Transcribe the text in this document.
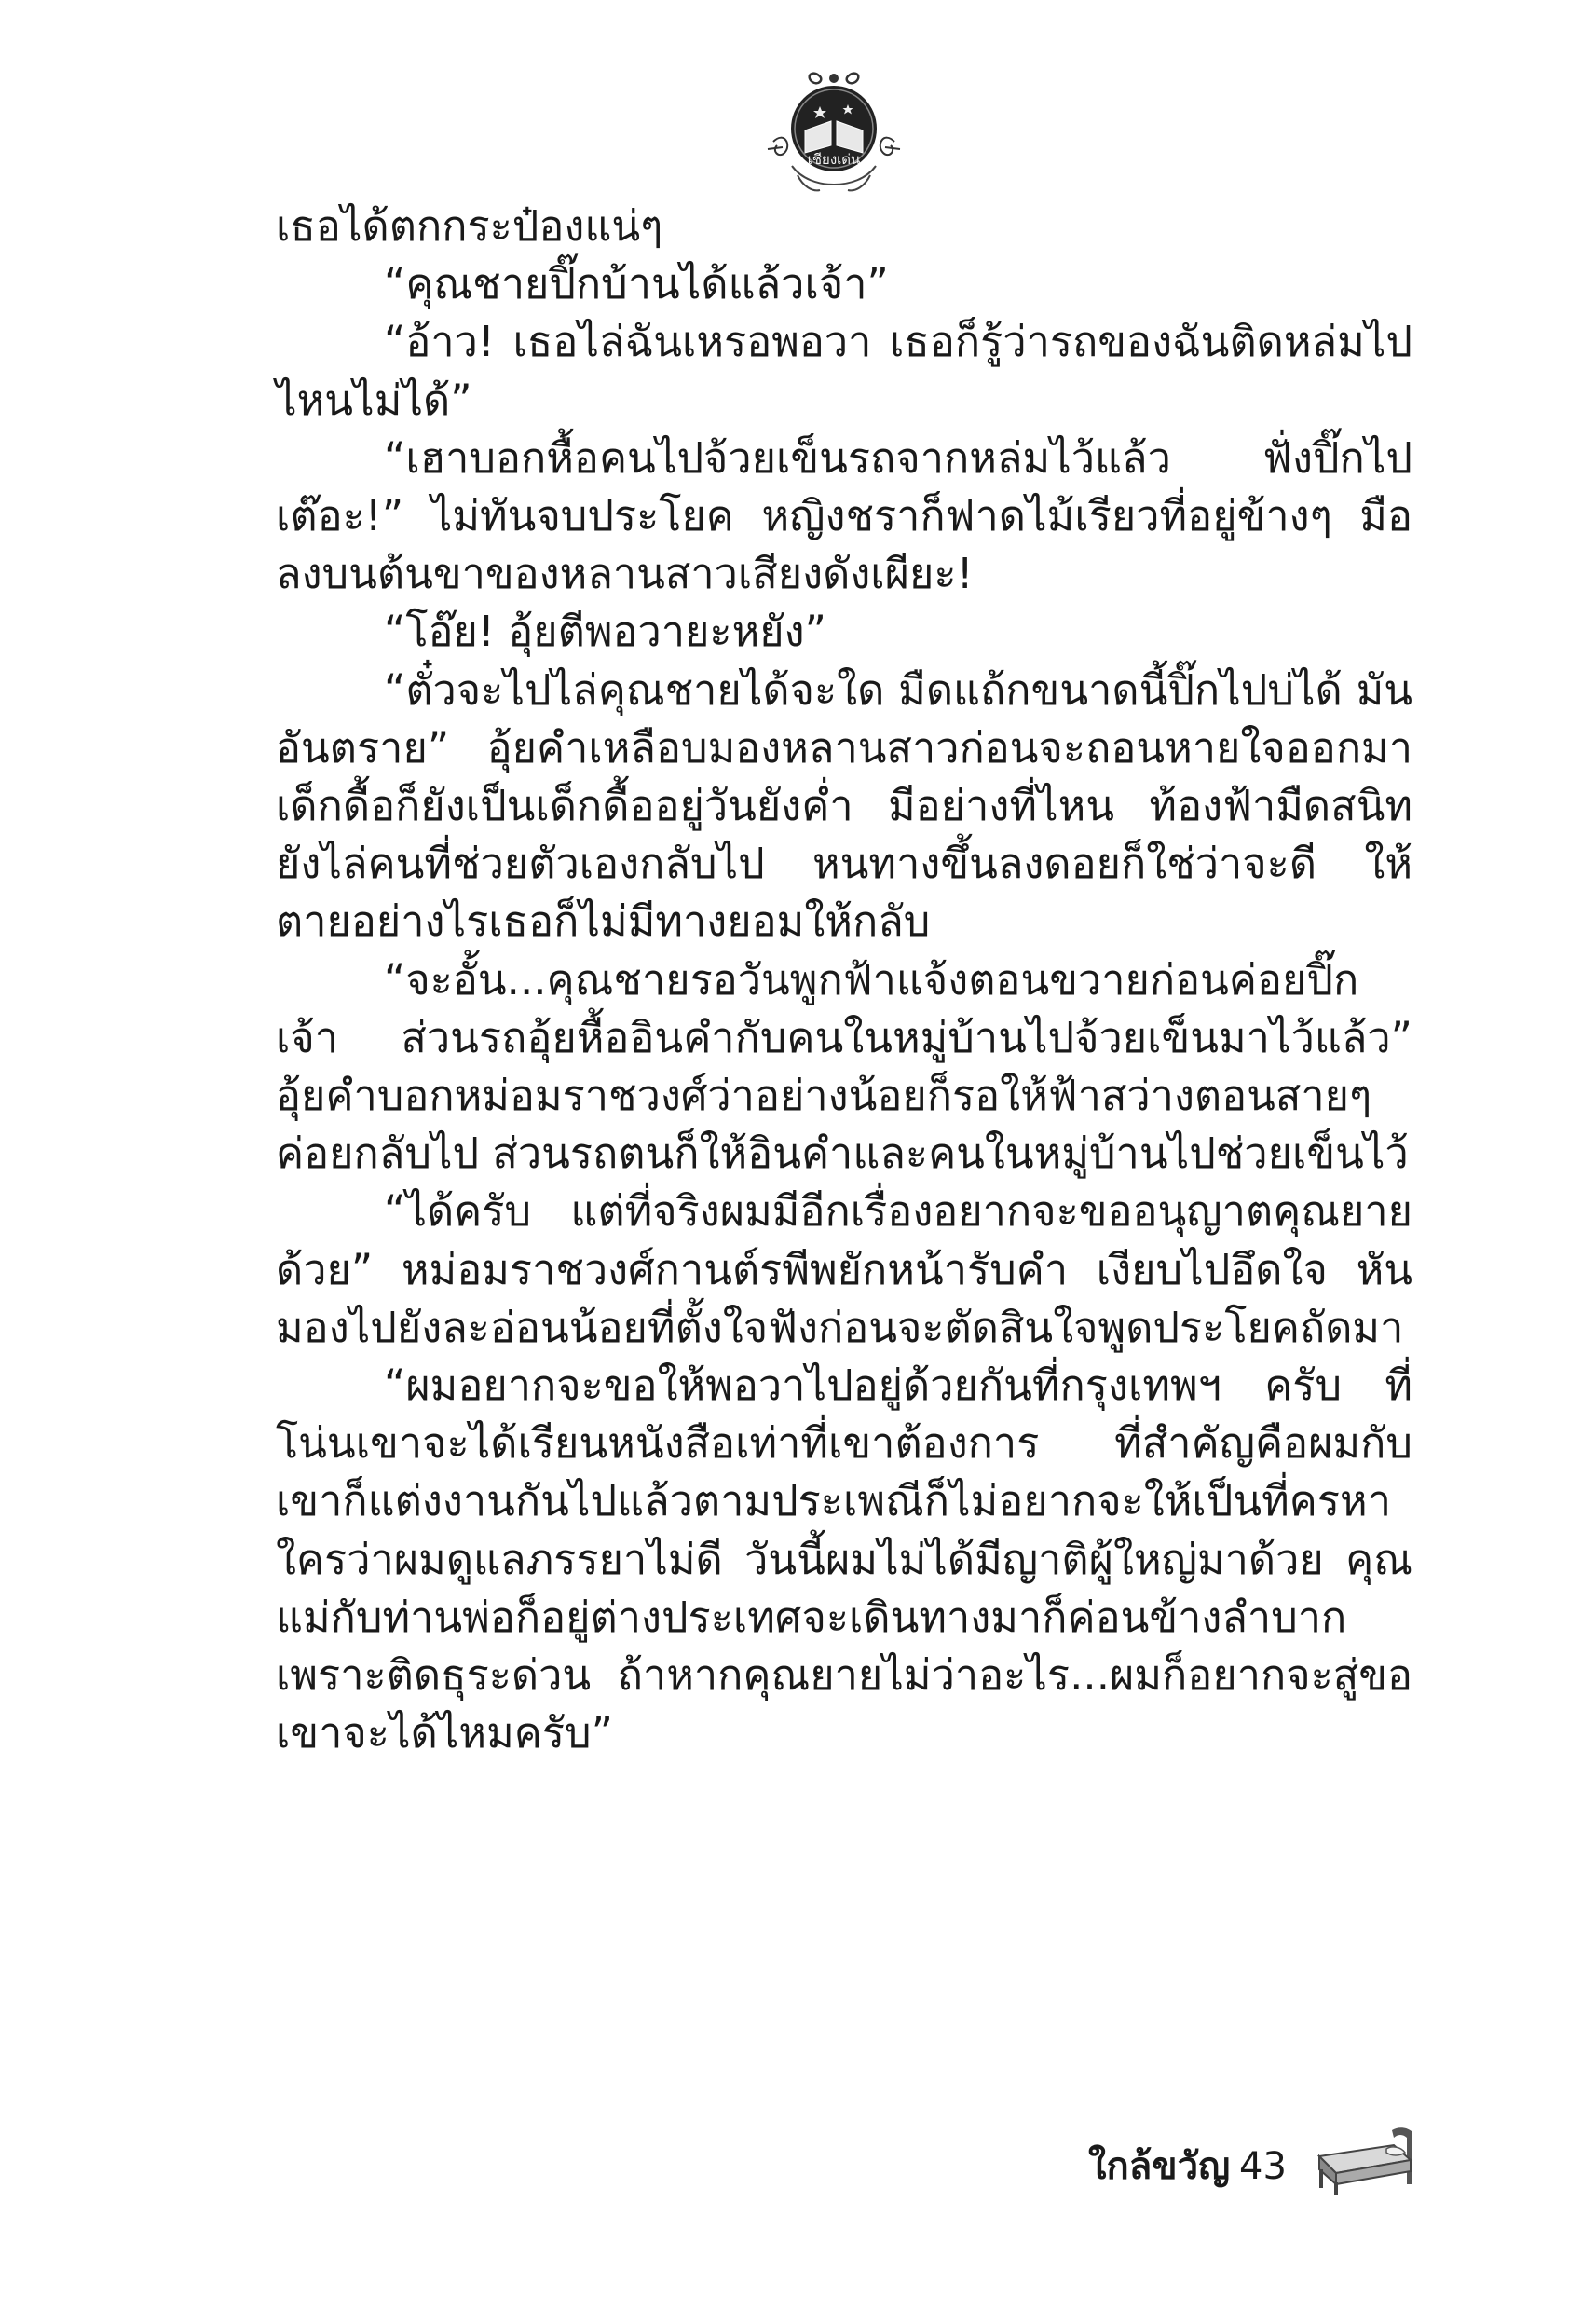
เชียงเด่น

เธอได้ตกกระป๋องแน่ๆ

“คุณชายปิ๊กบ้านได้แล้วเจ้า”

“อ้าว! เธอไล่ฉันเหรอพอวา เธอก็รู้ว่ารถของฉันติดหล่มไปไหนไม่ได้”

“เฮาบอกหื้อคนไปจ้วยเข็นรถจากหล่มไว้แล้ว ฟั่งปิ๊กไปเต๊อะ!” ไม่ทันจบประโยค หญิงชราก็ฟาดไม้เรียวที่อยู่ข้างๆ มือลงบนต้นขาของหลานสาวเสียงดังเผียะ!

“โอ๊ย! อุ้ยตีพอวายะหยัง”

“ตั๋วจะไปไล่คุณชายได้จะใด มืดแถ้กขนาดนี้ปิ๊กไปบ่ได้ มันอันตราย” อุ้ยคำเหลือบมองหลานสาวก่อนจะถอนหายใจออกมา เด็กดื้อก็ยังเป็นเด็กดื้ออยู่วันยังค่ำ มีอย่างที่ไหน ท้องฟ้ามืดสนิทยังไล่คนที่ช่วยตัวเองกลับไป หนทางขึ้นลงดอยก็ใช่ว่าจะดี ให้ตายอย่างไรเธอก็ไม่มีทางยอมให้กลับ

“จะอั้น...คุณชายรอวันพูกฟ้าแจ้งตอนขวายก่อนค่อยปิ๊กเจ้า ส่วนรถอุ้ยหื้ออินคำกับคนในหมู่บ้านไปจ้วยเข็นมาไว้แล้ว” อุ้ยคำบอกหม่อมราชวงศ์ว่าอย่างน้อยก็รอให้ฟ้าสว่างตอนสายๆ ค่อยกลับไป ส่วนรถตนก็ให้อินคำและคนในหมู่บ้านไปช่วยเข็นไว้

“ได้ครับ แต่ที่จริงผมมีอีกเรื่องอยากจะขออนุญาตคุณยายด้วย” หม่อมราชวงศ์กานต์รพีพยักหน้ารับคำ เงียบไปอึดใจ หันมองไปยังละอ่อนน้อยที่ตั้งใจฟังก่อนจะตัดสินใจพูดประโยคถัดมา

“ผมอยากจะขอให้พอวาไปอยู่ด้วยกันที่กรุงเทพฯ ครับ ที่โน่นเขาจะได้เรียนหนังสือเท่าที่เขาต้องการ ที่สำคัญคือผมกับเขาก็แต่งงานกันไปแล้วตามประเพณีก็ไม่อยากจะให้เป็นที่ครหาใครว่าผมดูแลภรรยาไม่ดี วันนี้ผมไม่ได้มีญาติผู้ใหญ่มาด้วย คุณแม่กับท่านพ่อก็อยู่ต่างประเทศจะเดินทางมาก็ค่อนข้างลำบากเพราะติดธุระด่วน ถ้าหากคุณยายไม่ว่าอะไร...ผมก็อยากจะสู่ขอเขาจะได้ไหมครับ”

ใกล้ขวัญ 43
